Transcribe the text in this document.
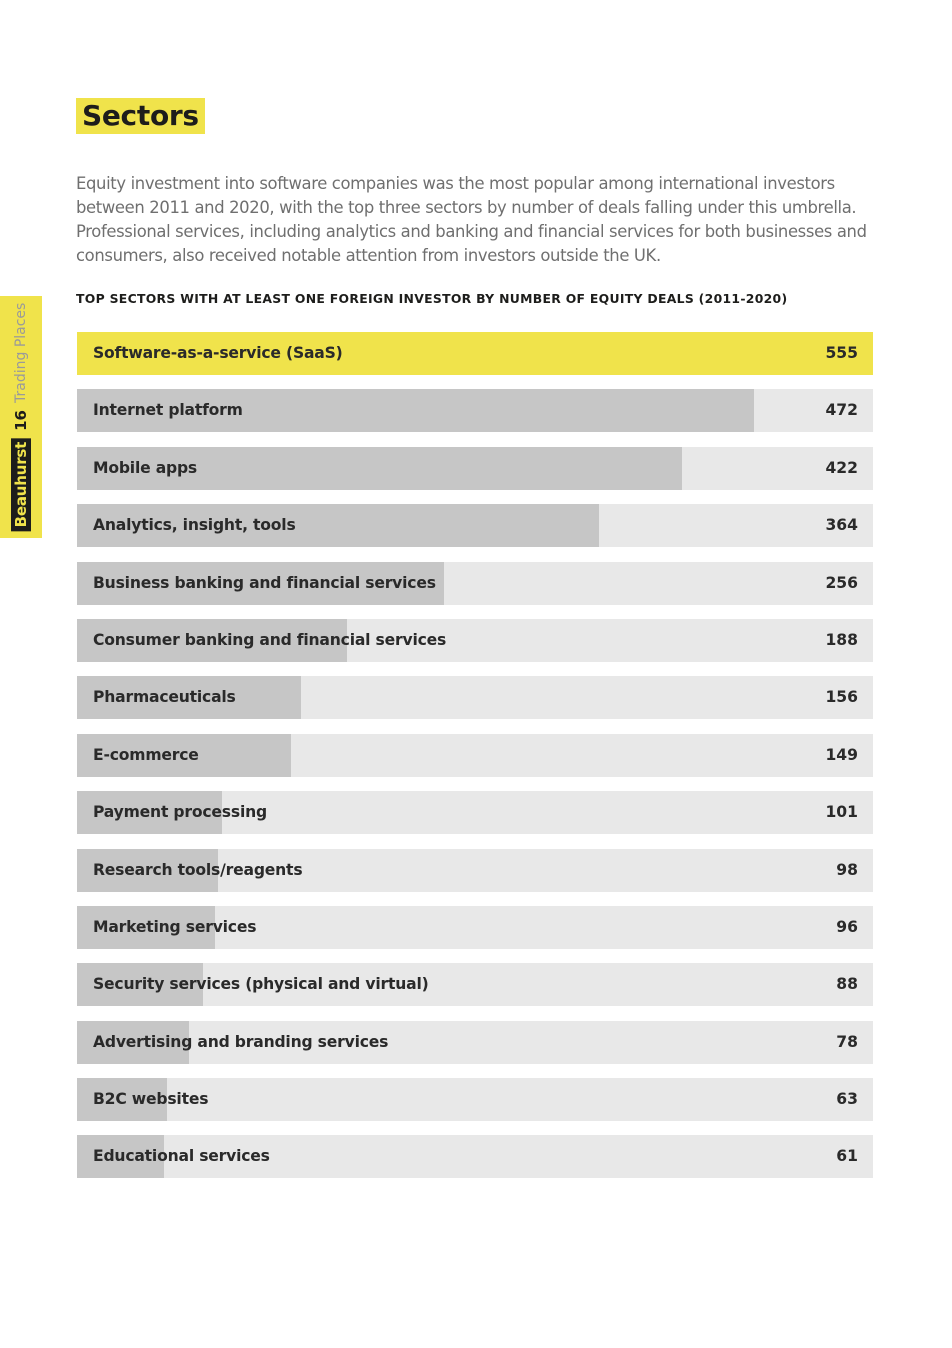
Beauhurst
16
Trading Places
Sectors

Equity investment into software companies was the most popular among international investors between 2011 and 2020, with the top three sectors by number of deals falling under this umbrella. Professional services, including analytics and banking and financial services for both businesses and consumers, also received notable attention from investors outside the UK.

TOP SECTORS WITH AT LEAST ONE FOREIGN INVESTOR BY NUMBER OF EQUITY DEALS (2011-2020)
Software-as-a-service (SaaS)	555
Internet platform	472
Mobile apps	422
Analytics, insight, tools	364
Business banking and financial services	256
Consumer banking and financial services	188
Pharmaceuticals	156
E-commerce	149
Payment processing	101
Research tools/reagents	98
Marketing services	96
Security services (physical and virtual)	88
Advertising and branding services	78
B2C websites	63
Educational services	61
